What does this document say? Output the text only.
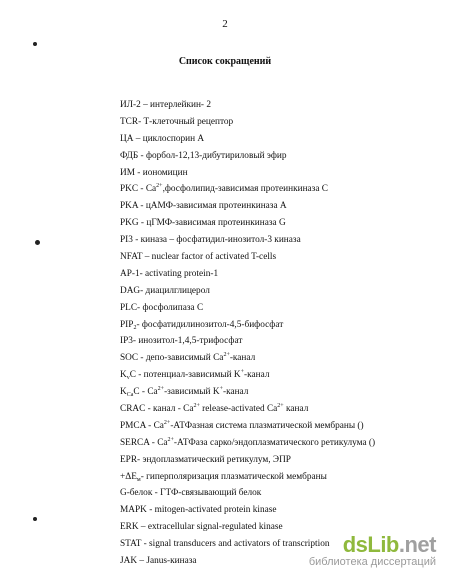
2
Список сокращений
ИЛ-2 – интерлейкин- 2
TCR- Т-клеточный рецептор
ЦА – циклоспорин А
ФДБ - форбол-12,13-дибутириловый эфир
ИМ - иономицин
PKC - $Ca^{2+},фосфолипид$-зависимая протеинкиназа С
PKA - цАМФ-зависимая протеинкиназа А
PKG - цГМФ-зависимая протеинкиназа G
PI3 - киназа – фосфатидил-инозитол-3 киназа
NFAT – nuclear factor of activated T-cells
AP-1- activating protein-1
DAG- диацилглицерол
PLC- фосфолипаза С
$PIP_2-$ фосфатидилинозитол-4,5-бифосфат
IP3- инозитол-1,4,5-трифосфат
SOC - депо-зависимый $Ca^{2+}$-канал
$K_vC$ - потенциал-зависимый K+-канал
$K_{Ca}C$ - $Ca^{2+}$-зависимый K+-канал
CRAC - канал - $Ca^{2+}$ release-activated $Ca^{2+}$ канал
PMCA - $Ca^{2+}$-АТФазная система плазматической мембраны ()
SERCA - $Ca^{2+}$-АТФаза сарко/эндоплазматического ретикулума ()
EPR- эндоплазматический ретикулум, ЭПР
$+\Delta E_м-$ гиперполяризация плазматической мембраны
G-белок - ГТФ-связывающий белок
MAPK - mitogen-activated protein kinase
ERK – extracellular signal-regulated kinase
STAT - signal transducers and activators of transcription
JAK – Janus-киназа
dsLib.net
библиотека диссертаций
